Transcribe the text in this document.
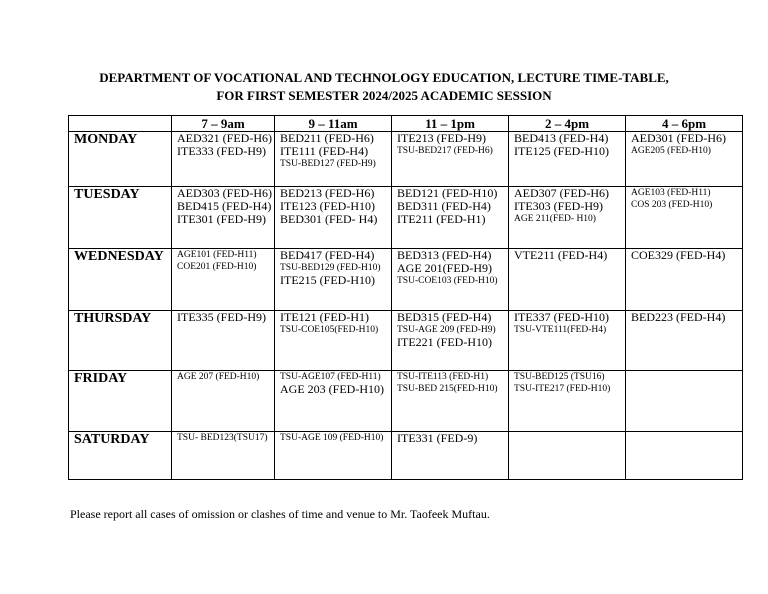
DEPARTMENT OF VOCATIONAL AND TECHNOLOGY EDUCATION, LECTURE TIME-TABLE,
FOR FIRST SEMESTER 2024/2025 ACADEMIC SESSION
	7 – 9am	9 – 11am	11 – 1pm	2 – 4pm	4 – 6pm
MONDAY	AED321 (FED-H6)
ITE333 (FED-H9)	BED211 (FED-H6)
ITE111 (FED-H4)
TSU-BED127 (FED-H9)	ITE213 (FED-H9)
TSU-BED217 (FED-H6)	BED413 (FED-H4)
ITE125 (FED-H10)	AED301 (FED-H6)
AGE205 (FED-H10)

TUESDAY	AED303 (FED-H6)
BED415 (FED-H4)
ITE301 (FED-H9)	BED213 (FED-H6)
ITE123 (FED-H10)
BED301 (FED- H4)	BED121 (FED-H10)
BED311 (FED-H4)
ITE211 (FED-H1)	AED307 (FED-H6)
ITE303 (FED-H9)
AGE 211(FED- H10)	AGE103 (FED-H11)
COS 203 (FED-H10)

WEDNESDAY	AGE101 (FED-H11)
COE201 (FED-H10)	BED417 (FED-H4)
TSU-BED129 (FED-H10)
ITE215 (FED-H10)	BED313 (FED-H4)
AGE 201(FED-H9)
TSU-COE103 (FED-H10)	VTE211 (FED-H4)	COE329 (FED-H4)

THURSDAY	ITE335 (FED-H9)	ITE121 (FED-H1)
TSU-COE105(FED-H10)	BED315 (FED-H4)
TSU-AGE 209 (FED-H9)
ITE221 (FED-H10)	ITE337 (FED-H10)
TSU-VTE111(FED-H4)	BED223 (FED-H4)

FRIDAY	AGE 207 (FED-H10)	TSU-AGE107 (FED-H11)
AGE 203 (FED-H10)	TSU-ITE113 (FED-H1)
TSU-BED 215(FED-H10)	TSU-BED125 (TSU16)
TSU-ITE217 (FED-H10)	

SATURDAY	TSU- BED123(TSU17)	TSU-AGE 109 (FED-H10)	ITE331 (FED-9)		

Please report all cases of omission or clashes of time and venue to Mr. Taofeek Muftau.
